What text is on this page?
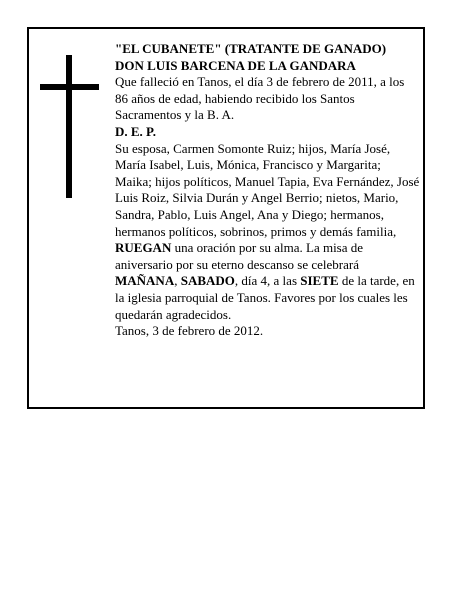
"EL CUBANETE" (TRATANTE DE GANADO)

DON LUIS BARCENA DE LA GANDARA

Que falleció en Tanos, el día 3 de febrero de 2011, a los 86 años de edad, habiendo recibido los Santos Sacramentos y la B. A.

D. E. P.

Su esposa, Carmen Somonte Ruiz; hijos, María José, María Isabel, Luis, Mónica, Francisco y Margarita; Maika; hijos políticos, Manuel Tapia, Eva Fernández, José Luis Roiz, Silvia Durán y Angel Berrio; nietos, Mario, Sandra, Pablo, Luis Angel, Ana y Diego; hermanos, hermanos políticos, sobrinos, primos y demás familia,

RUEGAN una oración por su alma. La misa de aniversario por su eterno descanso se celebrará MAÑANA, SABADO, día 4, a las SIETE de la tarde, en la iglesia parroquial de Tanos. Favores por los cuales les quedarán agradecidos.

Tanos, 3 de febrero de 2012.
